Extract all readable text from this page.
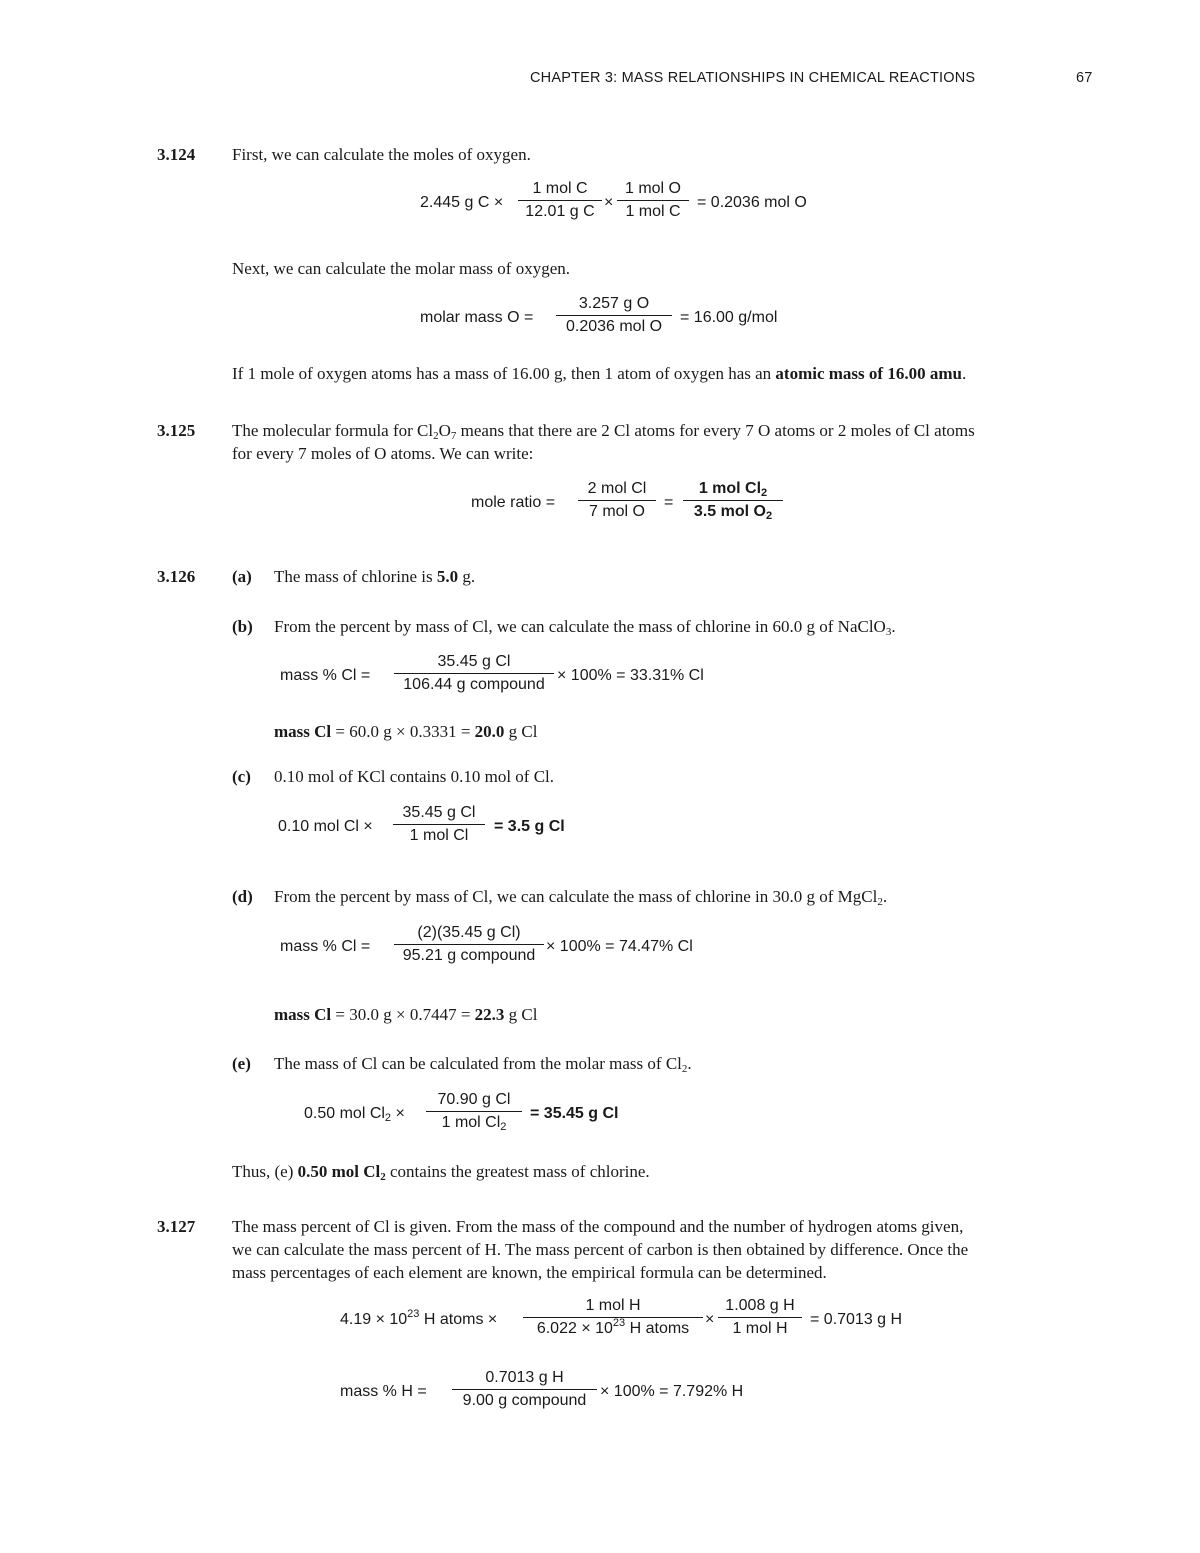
CHAPTER 3: MASS RELATIONSHIPS IN CHEMICAL REACTIONS	67
3.124 First, we can calculate the moles of oxygen.
2.445 g C ×
1 mol C
12.01 g C
×
1 mol O
1 mol C
= 0.2036 mol O
Next, we can calculate the molar mass of oxygen.
molar mass O =
3.257 g O
0.2036 mol O
= 16.00 g/mol
If 1 mole of oxygen atoms has a mass of 16.00 g, then 1 atom of oxygen has an atomic mass of 16.00 amu.
3.125 The molecular formula for $Cl_2O_7$ means that there are 2 Cl atoms for every 7 O atoms or 2 moles of Cl atoms
for every 7 moles of O atoms. We can write:
mole ratio =
2 mol Cl
7 mol O
=
1 mol $Cl_2$
3.5 mol $O_2$
3.126 (a) The mass of chlorine is 5.0 g.
(b) From the percent by mass of Cl, we can calculate the mass of chlorine in 60.0 g of NaClO$_3$.
mass % Cl =
35.45 g Cl
106.44 g compound
× 100% = 33.31% Cl
mass Cl = 60.0 g × 0.3331 = 20.0 g Cl
(c) 0.10 mol of KCl contains 0.10 mol of Cl.
0.10 mol Cl ×
35.45 g Cl
1 mol Cl
= 3.5 g Cl
(d) From the percent by mass of Cl, we can calculate the mass of chlorine in 30.0 g of MgCl$_2$.
mass % Cl =
(2)(35.45 g Cl)
95.21 g compound
× 100% = 74.47% Cl
mass Cl = 30.0 g × 0.7447 = 22.3 g Cl
(e) The mass of Cl can be calculated from the molar mass of $Cl_2$.
0.50 mol $Cl_2$ ×
70.90 g Cl
1 mol $Cl_2$
= 35.45 g Cl
Thus, (e) 0.50 mol $Cl_2$ contains the greatest mass of chlorine.
3.127 The mass percent of Cl is given. From the mass of the compound and the number of hydrogen atoms given,
we can calculate the mass percent of H. The mass percent of carbon is then obtained by difference. Once the
mass percentages of each element are known, the empirical formula can be determined.
$4.19 \times 10^{23}$ H atoms ×
1 mol H
$6.022 \times 10^{23}$ H atoms
×
1.008 g H
1 mol H
= 0.7013 g H
mass % H =
0.7013 g H
9.00 g compound
× 100% = 7.792% H
